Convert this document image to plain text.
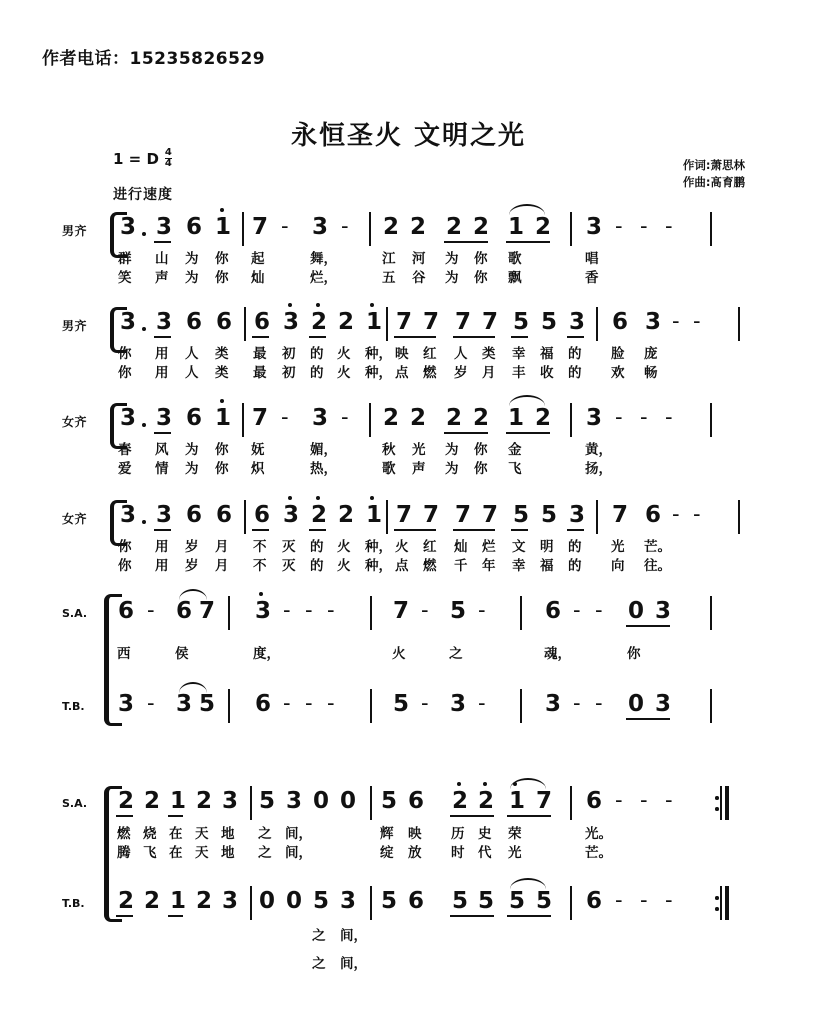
作者电话：15235826529
永恒圣火 文明之光
1 = D $\frac{4}{4}$
进行速度
作词:萧思林
作曲:髙育鹏
男齐 3 3 6 1 7 - 3 - 2 2 2 2 1 2 3 - - -
群 山 为 你 起	舞，	江 河 为 你 歌	唱
笑 声 为 你 灿	烂，	五 谷 为 你 飘	香
男齐 3 3 6 6 6 3 2 2 1 7 7 7 7 5 5 3 6 3 - -
你 用 人 类 最 初 的 火 种， 映 红 人 类 幸 福 的 脸 庞
你 用 人 类 最 初 的 火 种， 点 燃 岁 月 丰 收 的 欢 畅
女齐 3 3 6 1 7 - 3 - 2 2 2 2 1 2 3 - - -
春 风 为 你 妩	媚，	秋 光 为 你 金	黄，
爱 情 为 你 炽	热，	歌 声 为 你 飞	扬，
女齐 3 3 6 6 6 3 2 2 1 7 7 7 7 5 5 3 7 6 - -
你 用 岁 月 不 灭 的 火 种， 火 红 灿 烂 文 明 的 光 芒。
你 用 岁 月 不 灭 的 火 种， 点 燃 千 年 幸 福 的 向 往。
S.A. 6 - 6 7 3 - - -	7 - 5 -	6 - - 0 3
西	侯	度，	火	之	魂，	你
T.B. 3 - 3 5 6 - - -	5 - 3 -	3 - - 0 3
S.A. 2 2 1 2 3 5 3 0 0 5 6 2 2 1 7 6 - - -
燃 烧 在 天 地 之 间，	辉 映 历 史 荣	光。
腾 飞 在 天 地 之 间，	绽 放 时 代 光	芒。
T.B. 2 2 1 2 3 0 0 5 3 5 6 5 5 5 5 6 - - -
之 间，
之 间，
